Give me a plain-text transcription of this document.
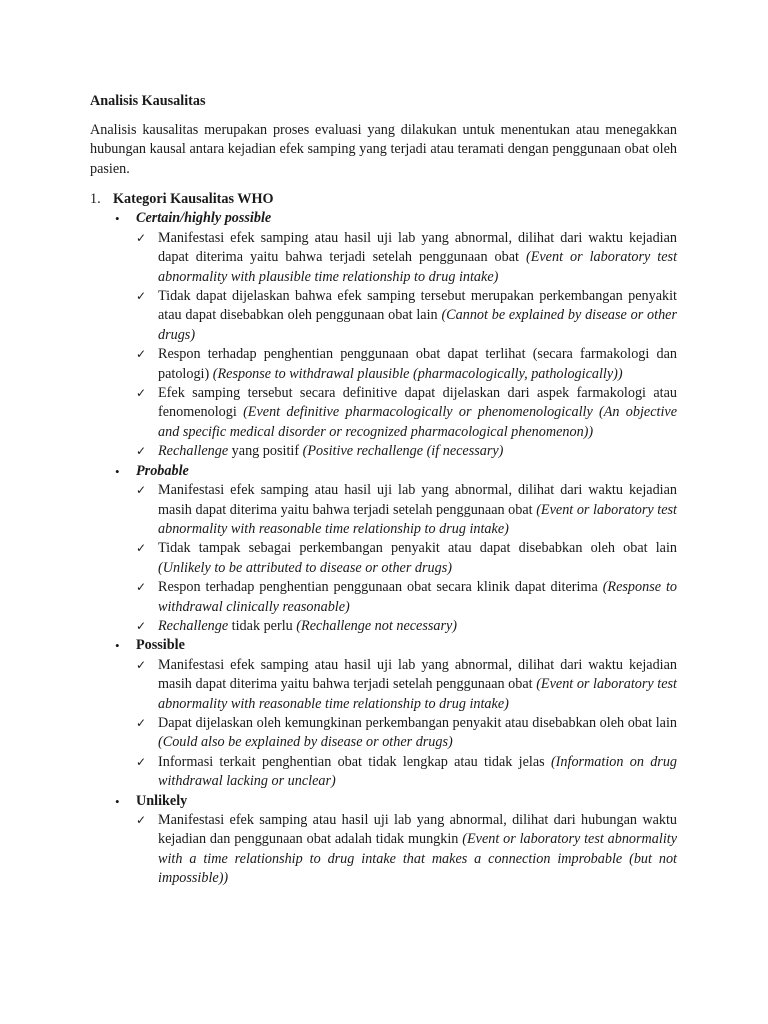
Analisis Kausalitas
Analisis kausalitas merupakan proses evaluasi yang dilakukan untuk menentukan atau menegakkan hubungan kausal antara kejadian efek samping yang terjadi atau teramati dengan penggunaan obat oleh pasien.
1. Kategori Kausalitas WHO
• Certain/highly possible
✓ Manifestasi efek samping atau hasil uji lab yang abnormal, dilihat dari waktu kejadian dapat diterima yaitu bahwa terjadi setelah penggunaan obat (Event or laboratory test abnormality with plausible time relationship to drug intake)
✓ Tidak dapat dijelaskan bahwa efek samping tersebut merupakan perkembangan penyakit atau dapat disebabkan oleh penggunaan obat lain (Cannot be explained by disease or other drugs)
✓ Respon terhadap penghentian penggunaan obat dapat terlihat (secara farmakologi dan patologi) (Response to withdrawal plausible (pharmacologically, pathologically))
✓ Efek samping tersebut secara definitive dapat dijelaskan dari aspek farmakologi atau fenomenologi (Event definitive pharmacologically or phenomenologically (An objective and specific medical disorder or recognized pharmacological phenomenon))
✓ Rechallenge yang positif (Positive rechallenge (if necessary)
• Probable
✓ Manifestasi efek samping atau hasil uji lab yang abnormal, dilihat dari waktu kejadian masih dapat diterima yaitu bahwa terjadi setelah penggunaan obat (Event or laboratory test abnormality with reasonable time relationship to drug intake)
✓ Tidak tampak sebagai perkembangan penyakit atau dapat disebabkan oleh obat lain (Unlikely to be attributed to disease or other drugs)
✓ Respon terhadap penghentian penggunaan obat secara klinik dapat diterima (Response to withdrawal clinically reasonable)
✓ Rechallenge tidak perlu (Rechallenge not necessary)
• Possible
✓ Manifestasi efek samping atau hasil uji lab yang abnormal, dilihat dari waktu kejadian masih dapat diterima yaitu bahwa terjadi setelah penggunaan obat (Event or laboratory test abnormality with reasonable time relationship to drug intake)
✓ Dapat dijelaskan oleh kemungkinan perkembangan penyakit atau disebabkan oleh obat lain (Could also be explained by disease or other drugs)
✓ Informasi terkait penghentian obat tidak lengkap atau tidak jelas (Information on drug withdrawal lacking or unclear)
• Unlikely
✓ Manifestasi efek samping atau hasil uji lab yang abnormal, dilihat dari hubungan waktu kejadian dan penggunaan obat adalah tidak mungkin (Event or laboratory test abnormality with a time relationship to drug intake that makes a connection improbable (but not impossible))
